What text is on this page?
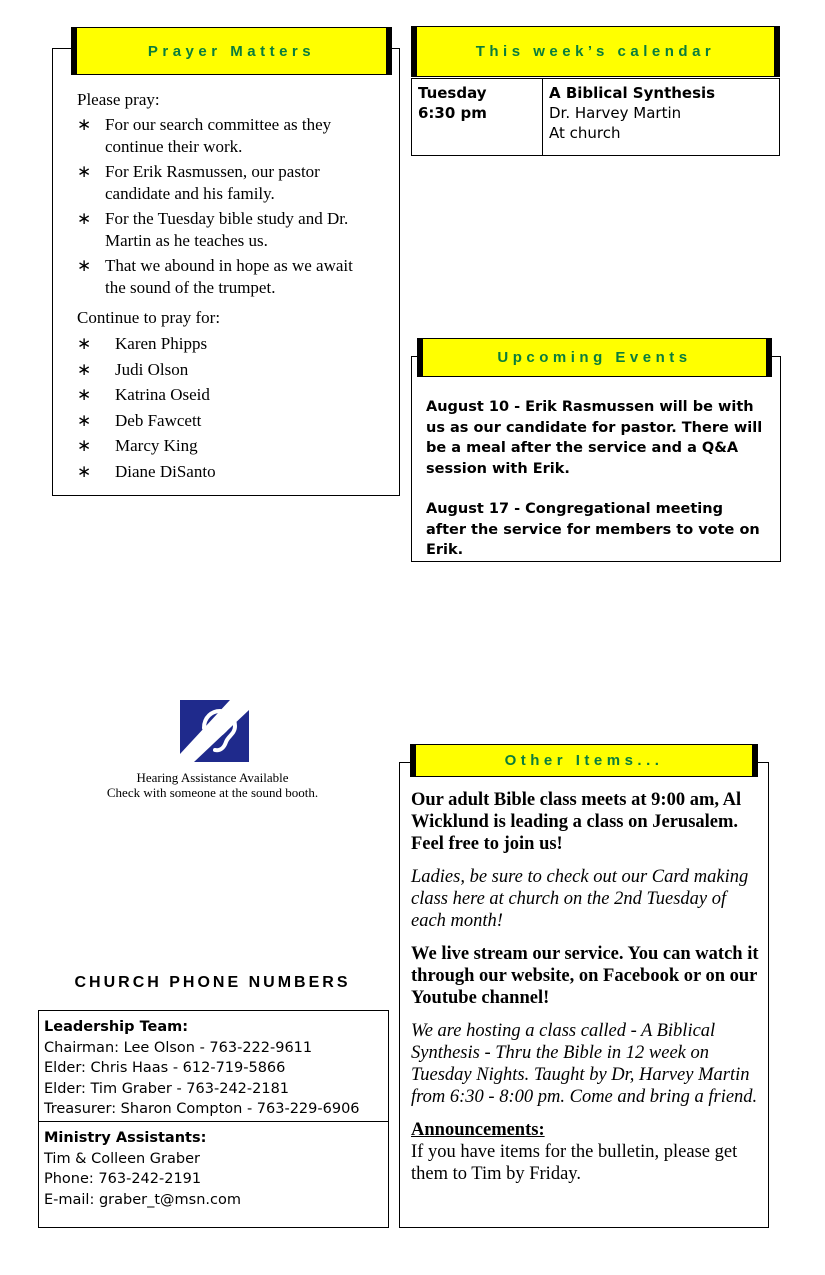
Please pray:
∗ For our search committee as they continue their work.
∗ For Erik Rasmussen, our pastor candidate and his family.
∗ For the Tuesday bible study and Dr. Martin as he teaches us.
∗ That we abound in hope as we await the sound of the trumpet.
Continue to pray for:
∗ Karen Phipps
∗ Judi Olson
∗ Katrina Oseid
∗ Deb Fawcett
∗ Marcy King
∗ Diane DiSanto
Prayer Matters	This week’s calendar
Tuesday
6:30 pm
A Biblical Synthesis
Dr. Harvey Martin
At church

August 10 - Erik Rasmussen will be with us as our candidate for pastor. There will be a meal after the service and a Q&A session with Erik.

August 17 - Congregational meeting after the service for members to vote on Erik.

Upcoming Events
Hearing Assistance Available
Check with someone at the sound booth.
CHURCH PHONE NUMBERS
Leadership Team:
Chairman: Lee Olson - 763-222-9611
Elder: Chris Haas - 612-719-5866
Elder: Tim Graber - 763-242-2181
Treasurer: Sharon Compton - 763-229-6906
Ministry Assistants:
Tim & Colleen Graber
Phone: 763-242-2191
E-mail: graber_t@msn.com

Our adult Bible class meets at 9:00 am, Al Wicklund is leading a class on Jerusalem. Feel free to join us!

Ladies, be sure to check out our Card making class here at church on the 2nd Tuesday of each month!

We live stream our service. You can watch it through our website, on Facebook or on our Youtube channel!

We are hosting a class called - A Biblical Synthesis - Thru the Bible in 12 week on Tuesday Nights. Taught by Dr, Harvey Martin from 6:30 - 8:00 pm. Come and bring a friend.

Announcements:
If you have items for the bulletin, please get them to Tim by Friday.
Other Items...
